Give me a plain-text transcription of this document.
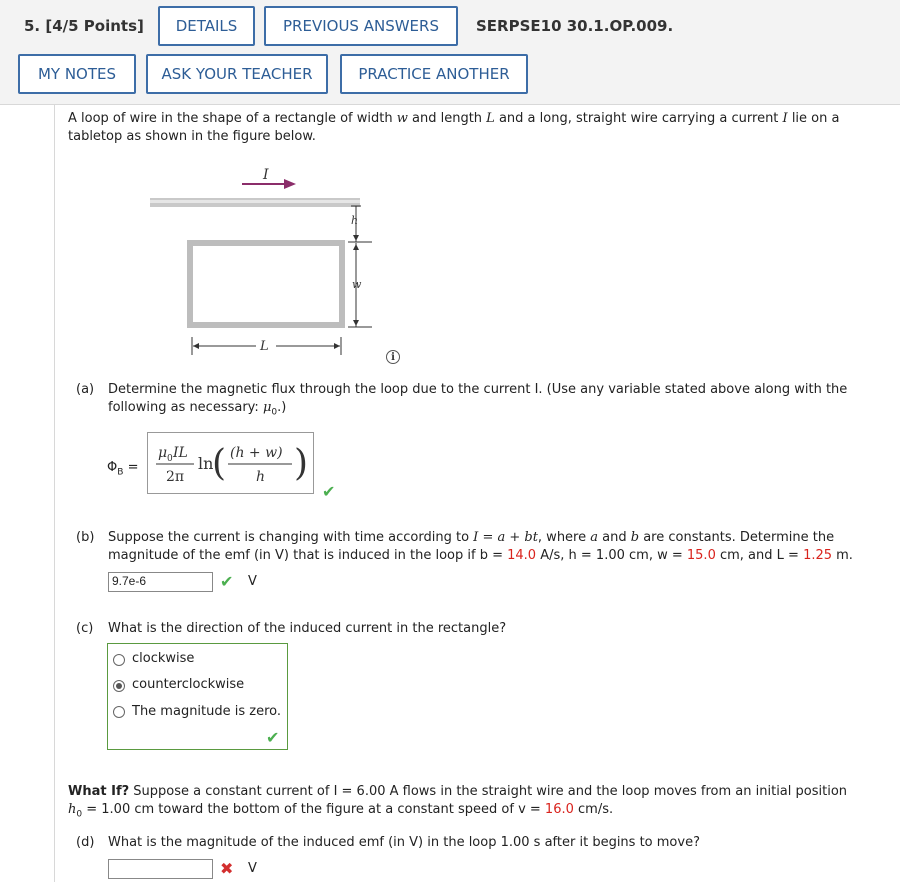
5. [4/5 Points]	DETAILS	PREVIOUS ANSWERS	SERPSE10 30.1.OP.009.
MY NOTES	ASK YOUR TEACHER	PRACTICE ANOTHER
A loop of wire in the shape of a rectangle of width w and length L and a long, straight wire carrying a current I lie on a
tabletop as shown in the figure below.
I
h
w
L
i
(a) Determine the magnetic flux through the loop due to the current I. (Use any variable stated above along with the
following as necessary: $\mu_0$.)
$\Phi_B$ =
μ 0 IL
2π
ln
( (h + w)
h )
✔
(b) Suppose the current is changing with time according to I = a + bt, where a and b are constants. Determine the
magnitude of the emf (in V) that is induced in the loop if b = 14.0 A/s, h = 1.00 cm, w = 15.0 cm, and L = 1.25 m.
9.7e-6	✔ V
(c) What is the direction of the induced current in the rectangle?
clockwise
counterclockwise
The magnitude is zero.
✔
What If? Suppose a constant current of I = 6.00 A flows in the straight wire and the loop moves from an initial position
$h_0 = 1.00$ cm toward the bottom of the figure at a constant speed of v = 16.0 cm/s.
(d) What is the magnitude of the induced emf (in V) in the loop 1.00 s after it begins to move?
✖ V
